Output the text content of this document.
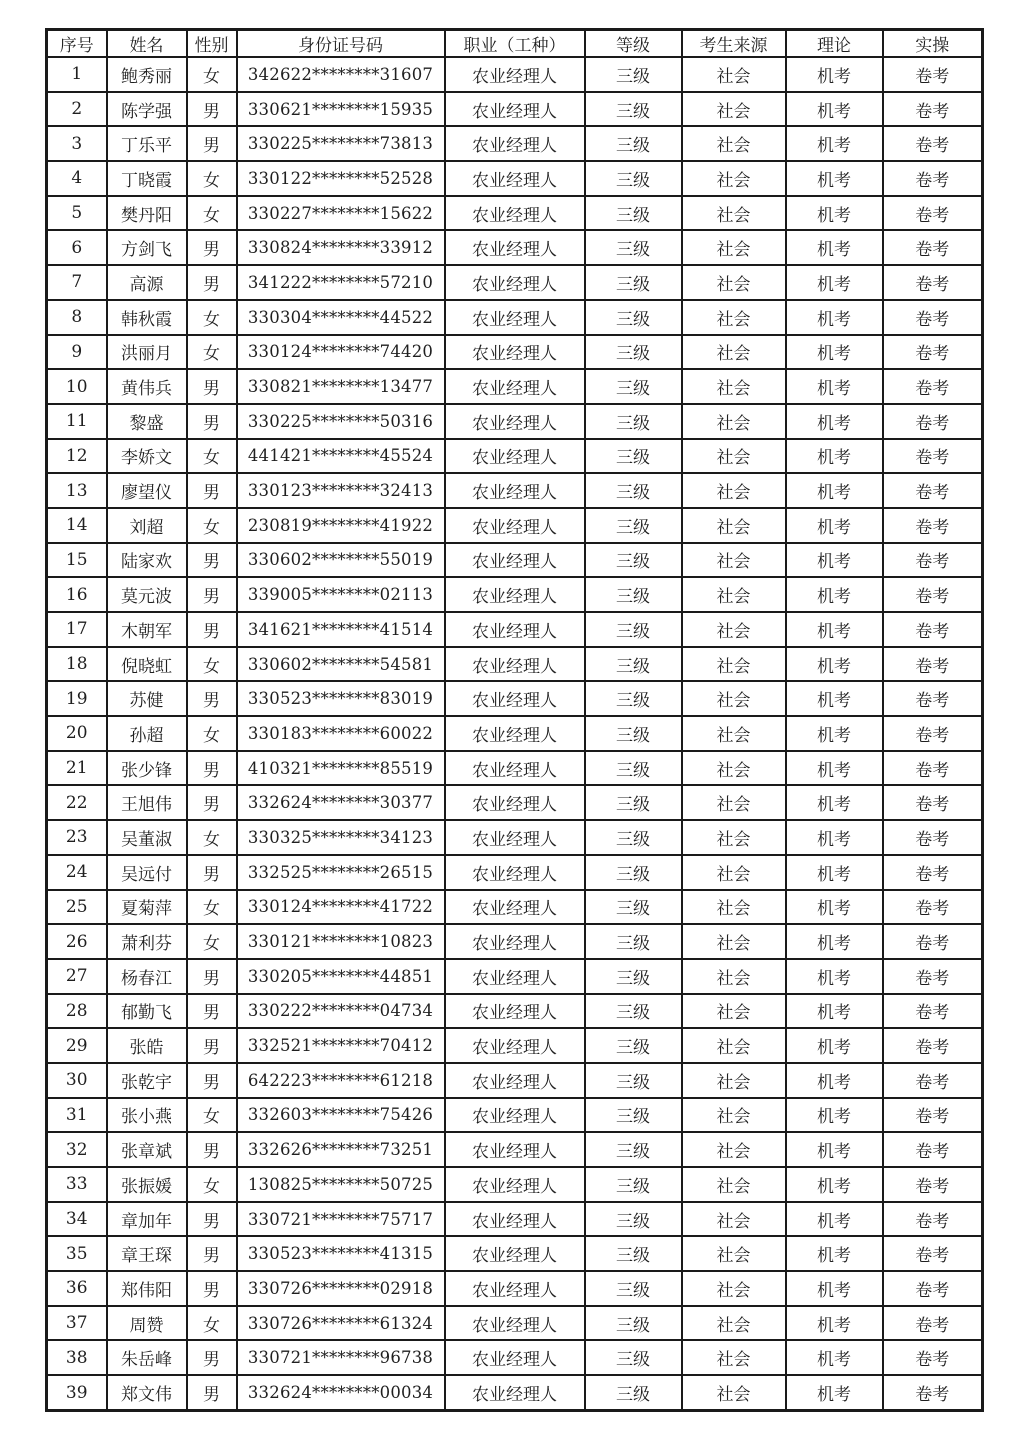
序号	姓名	性别	身份证号码	职业（工种）	等级	考生来源	理论	实操
1	鲍秀丽	女	342622********31607	农业经理人	三级	社会	机考	卷考
2	陈学强	男	330621********15935	农业经理人	三级	社会	机考	卷考
3	丁乐平	男	330225********73813	农业经理人	三级	社会	机考	卷考
4	丁晓霞	女	330122********52528	农业经理人	三级	社会	机考	卷考
5	樊丹阳	女	330227********15622	农业经理人	三级	社会	机考	卷考
6	方剑飞	男	330824********33912	农业经理人	三级	社会	机考	卷考
7	高源	男	341222********57210	农业经理人	三级	社会	机考	卷考
8	韩秋霞	女	330304********44522	农业经理人	三级	社会	机考	卷考
9	洪丽月	女	330124********74420	农业经理人	三级	社会	机考	卷考
10	黄伟兵	男	330821********13477	农业经理人	三级	社会	机考	卷考
11	黎盛	男	330225********50316	农业经理人	三级	社会	机考	卷考
12	李娇文	女	441421********45524	农业经理人	三级	社会	机考	卷考
13	廖望仪	男	330123********32413	农业经理人	三级	社会	机考	卷考
14	刘超	女	230819********41922	农业经理人	三级	社会	机考	卷考
15	陆家欢	男	330602********55019	农业经理人	三级	社会	机考	卷考
16	莫元波	男	339005********02113	农业经理人	三级	社会	机考	卷考
17	木朝军	男	341621********41514	农业经理人	三级	社会	机考	卷考
18	倪晓虹	女	330602********54581	农业经理人	三级	社会	机考	卷考
19	苏健	男	330523********83019	农业经理人	三级	社会	机考	卷考
20	孙超	女	330183********60022	农业经理人	三级	社会	机考	卷考
21	张少锋	男	410321********85519	农业经理人	三级	社会	机考	卷考
22	王旭伟	男	332624********30377	农业经理人	三级	社会	机考	卷考
23	吴董淑	女	330325********34123	农业经理人	三级	社会	机考	卷考
24	吴远付	男	332525********26515	农业经理人	三级	社会	机考	卷考
25	夏菊萍	女	330124********41722	农业经理人	三级	社会	机考	卷考
26	萧利芬	女	330121********10823	农业经理人	三级	社会	机考	卷考
27	杨春江	男	330205********44851	农业经理人	三级	社会	机考	卷考
28	郁勤飞	男	330222********04734	农业经理人	三级	社会	机考	卷考
29	张皓	男	332521********70412	农业经理人	三级	社会	机考	卷考
30	张乾宇	男	642223********61218	农业经理人	三级	社会	机考	卷考
31	张小燕	女	332603********75426	农业经理人	三级	社会	机考	卷考
32	张章斌	男	332626********73251	农业经理人	三级	社会	机考	卷考
33	张振媛	女	130825********50725	农业经理人	三级	社会	机考	卷考
34	章加年	男	330721********75717	农业经理人	三级	社会	机考	卷考
35	章王琛	男	330523********41315	农业经理人	三级	社会	机考	卷考
36	郑伟阳	男	330726********02918	农业经理人	三级	社会	机考	卷考
37	周赞	女	330726********61324	农业经理人	三级	社会	机考	卷考
38	朱岳峰	男	330721********96738	农业经理人	三级	社会	机考	卷考
39	郑文伟	男	332624********00034	农业经理人	三级	社会	机考	卷考
